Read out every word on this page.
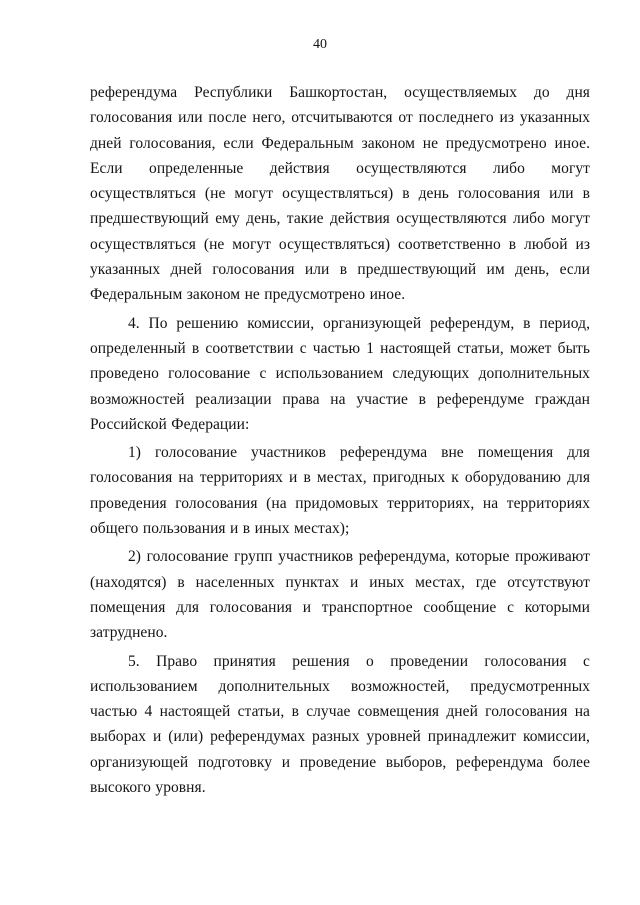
40

референдума Республики Башкортостан, осуществляемых до дня голосования или после него, отсчитываются от последнего из указанных дней голосования, если Федеральным законом не предусмотрено иное. Если определенные действия осуществляются либо могут осуществляться (не могут осуществляться) в день голосования или в предшествующий ему день, такие действия осуществляются либо могут осуществляться (не могут осуществляться) соответственно в любой из указанных дней голосования или в предшествующий им день, если Федеральным законом не предусмотрено иное.

4. По решению комиссии, организующей референдум, в период, определенный в соответствии с частью 1 настоящей статьи, может быть проведено голосование с использованием следующих дополнительных возможностей реализации права на участие в референдуме граждан Российской Федерации:

1) голосование участников референдума вне помещения для голосования на территориях и в местах, пригодных к оборудованию для проведения голосования (на придомовых территориях, на территориях общего пользования и в иных местах);

2) голосование групп участников референдума, которые проживают (находятся) в населенных пунктах и иных местах, где отсутствуют помещения для голосования и транспортное сообщение с которыми затруднено.

5. Право принятия решения о проведении голосования с использованием дополнительных возможностей, предусмотренных частью 4 настоящей статьи, в случае совмещения дней голосования на выборах и (или) референдумах разных уровней принадлежит комиссии, организующей подготовку и проведение выборов, референдума более высокого уровня.
